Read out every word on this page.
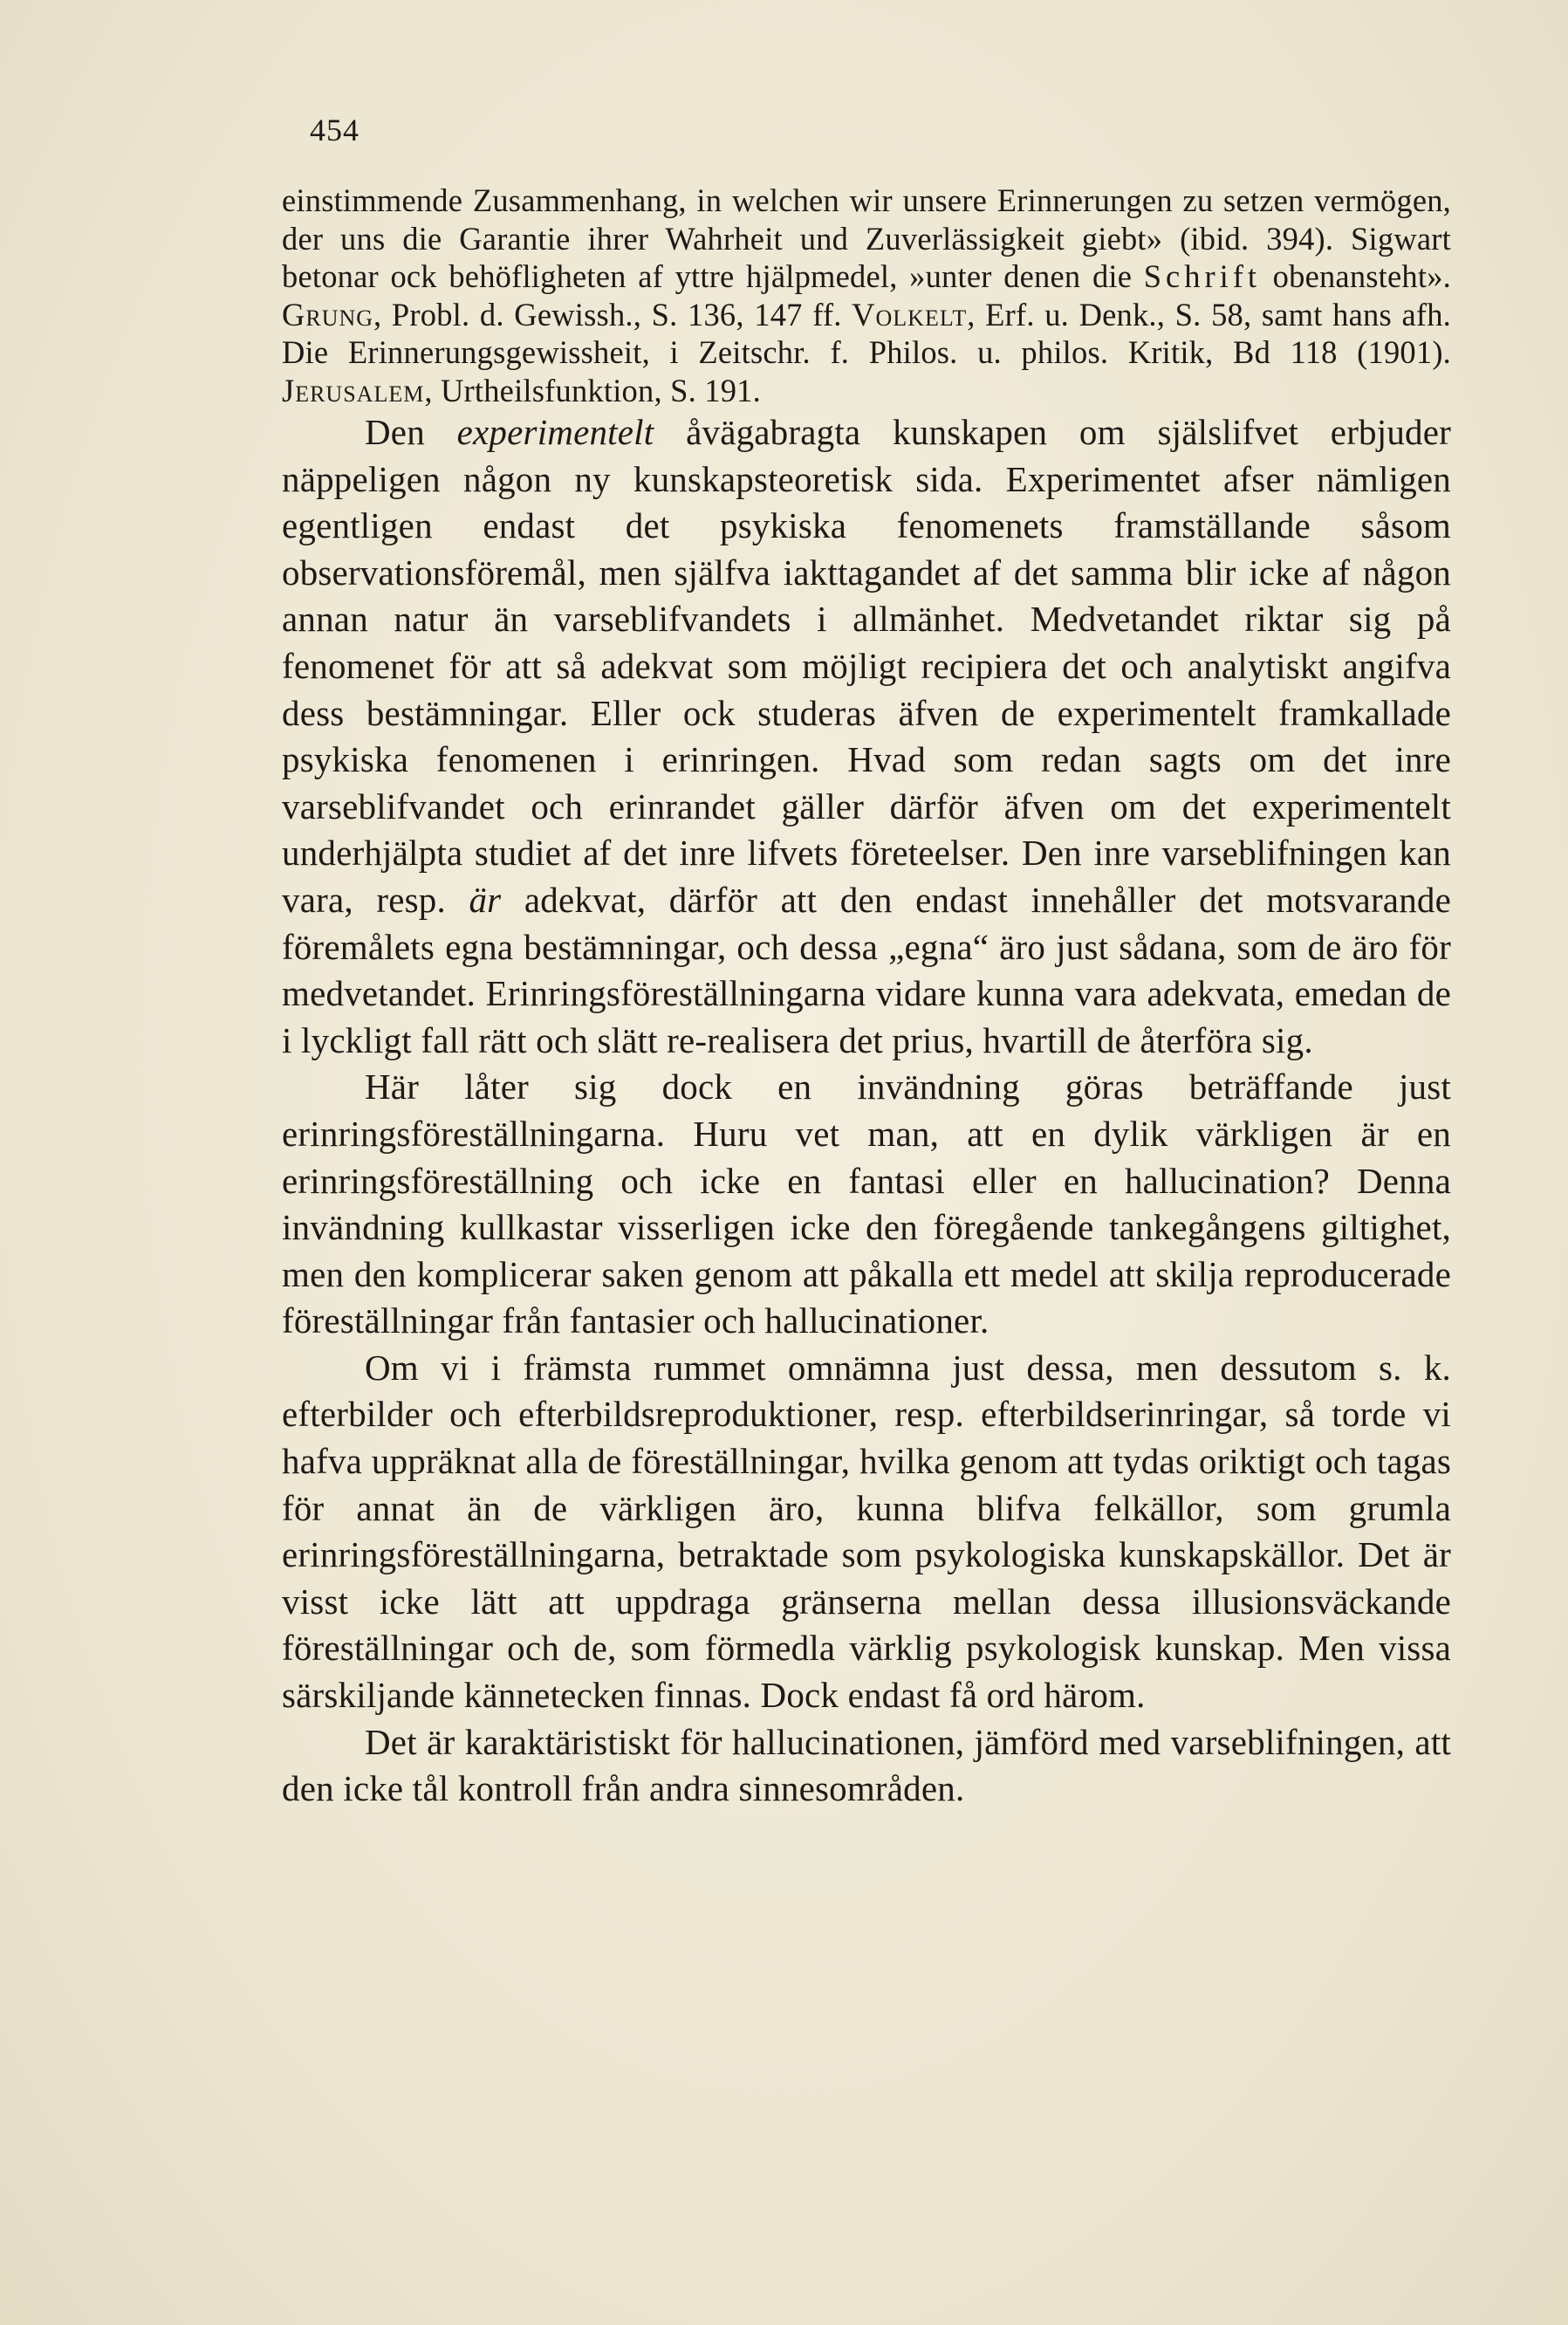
454

einstimmende Zusammenhang, in welchen wir unsere Erinnerungen zu setzen vermögen, der uns die Garantie ihrer Wahrheit und Zuverlässigkeit giebt» (ibid. 394). Sigwart betonar ock behöfligheten af yttre hjälpmedel, »unter denen die Schrift obenansteht». Grung, Probl. d. Gewissh., S. 136, 147 ff. Volkelt, Erf. u. Denk., S. 58, samt hans afh. Die Erinnerungsgewissheit, i Zeitschr. f. Philos. u. philos. Kritik, Bd 118 (1901). Jerusalem, Urtheilsfunktion, S. 191.

Den experimentelt åvägabragta kunskapen om själslifvet erbjuder näppeligen någon ny kunskapsteoretisk sida. Experimentet afser nämligen egentligen endast det psykiska fenomenets framställande såsom observationsföremål, men själfva iakttagandet af det samma blir icke af någon annan natur än varseblifvandets i allmänhet. Medvetandet riktar sig på fenomenet för att så adekvat som möjligt recipiera det och analytiskt angifva dess bestämningar. Eller ock studeras äfven de experimentelt framkallade psykiska fenomenen i erinringen. Hvad som redan sagts om det inre varseblifvandet och erinrandet gäller därför äfven om det experimentelt underhjälpta studiet af det inre lifvets företeelser. Den inre varseblifningen kan vara, resp. är adekvat, därför att den endast innehåller det motsvarande föremålets egna bestämningar, och dessa „egna“ äro just sådana, som de äro för medvetandet. Erinringsföreställningarna vidare kunna vara adekvata, emedan de i lyckligt fall rätt och slätt re-realisera det prius, hvartill de återföra sig.

Här låter sig dock en invändning göras beträffande just erinringsföreställningarna. Huru vet man, att en dylik värkligen är en erinringsföreställning och icke en fantasi eller en hallucination? Denna invändning kullkastar visserligen icke den föregående tankegångens giltighet, men den komplicerar saken genom att påkalla ett medel att skilja reproducerade föreställningar från fantasier och hallucinationer.

Om vi i främsta rummet omnämna just dessa, men dessutom s. k. efterbilder och efterbildsreproduktioner, resp. efterbildserinringar, så torde vi hafva uppräknat alla de föreställningar, hvilka genom att tydas oriktigt och tagas för annat än de värkligen äro, kunna blifva felkällor, som grumla erinringsföreställningarna, betraktade som psykologiska kunskapskällor. Det är visst icke lätt att uppdraga gränserna mellan dessa illusionsväckande föreställningar och de, som förmedla värklig psykologisk kunskap. Men vissa särskiljande kännetecken finnas. Dock endast få ord härom.

Det är karaktäristiskt för hallucinationen, jämförd med varseblifningen, att den icke tål kontroll från andra sinnesområden.
